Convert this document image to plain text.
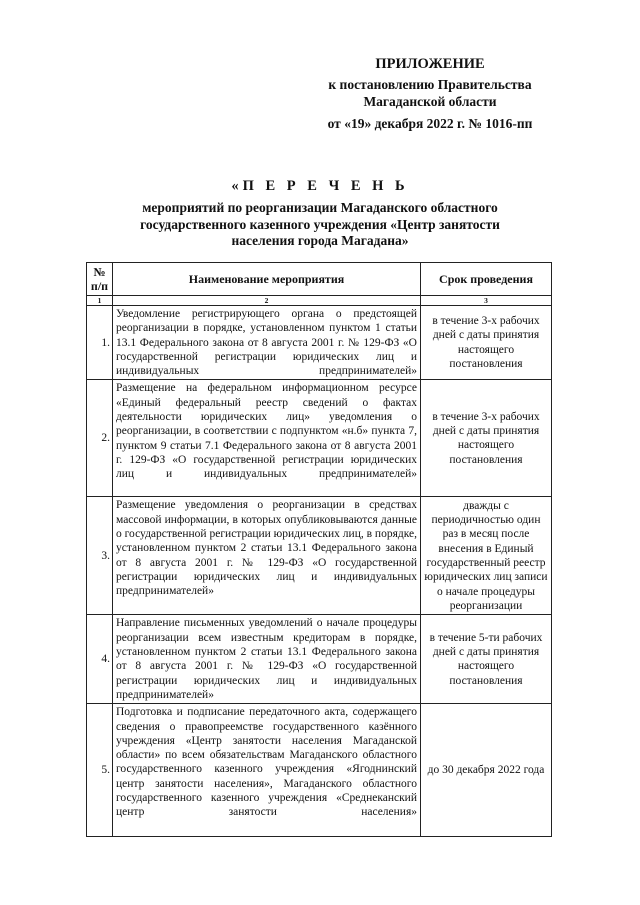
ПРИЛОЖЕНИЕ
к постановлению Правительства
Магаданской области
от «19» декабря 2022 г. № 1016-пп
«П Е Р Е Ч Е Н Ь
мероприятий по реорганизации Магаданского областного государственного казенного учреждения «Центр занятости населения города Магадана»
№ п/п	Наименование мероприятия	Срок проведения
1	2	3
1.	Уведомление регистрирующего органа о предстоящей реорганизации в порядке, установленном пунктом 1 статьи 13.1 Федерального закона от 8 августа 2001 г. № 129-ФЗ «О государственной регистрации юридических лиц и индивидуальных предпринимателей»	в течение 3-х рабочих дней с даты принятия настоящего постановления
2.	Размещение на федеральном информационном ресурсе «Единый федеральный реестр сведений о фактах деятельности юридических лиц» уведомления о реорганизации, в соответствии с подпунктом «н.б» пункта 7, пунктом 9 статьи 7.1 Федерального закона от 8 августа 2001 г. 129-ФЗ «О государственной регистрации юридических лиц и индивидуальных предпринимателей»	в течение 3-х рабочих дней с даты принятия настоящего постановления
3.	Размещение уведомления о реорганизации в средствах массовой информации, в которых опубликовываются данные о государственной регистрации юридических лиц, в порядке, установленном пунктом 2 статьи 13.1 Федерального закона от 8 августа 2001 г. № 129-ФЗ «О государственной регистрации юридических лиц и индивидуальных предпринимателей»	дважды с периодичностью один раз в месяц после внесения в Единый государственный реестр юридических лиц записи о начале процедуры реорганизации
4.	Направление письменных уведомлений о начале процедуры реорганизации всем известным кредиторам в порядке, установленном пунктом 2 статьи 13.1 Федерального закона от 8 августа 2001 г. № 129-ФЗ «О государственной регистрации юридических лиц и индивидуальных предпринимателей»	в течение 5-ти рабочих дней с даты принятия настоящего постановления
5.	Подготовка и подписание передаточного акта, содержащего сведения о правопреемстве государственного казённого учреждения «Центр занятости населения Магаданской области» по всем обязательствам Магаданского областного государственного казенного учреждения «Ягоднинский центр занятости населения», Магаданского областного государственного казенного учреждения «Среднеканский центр занятости населения»	до 30 декабря 2022 года
